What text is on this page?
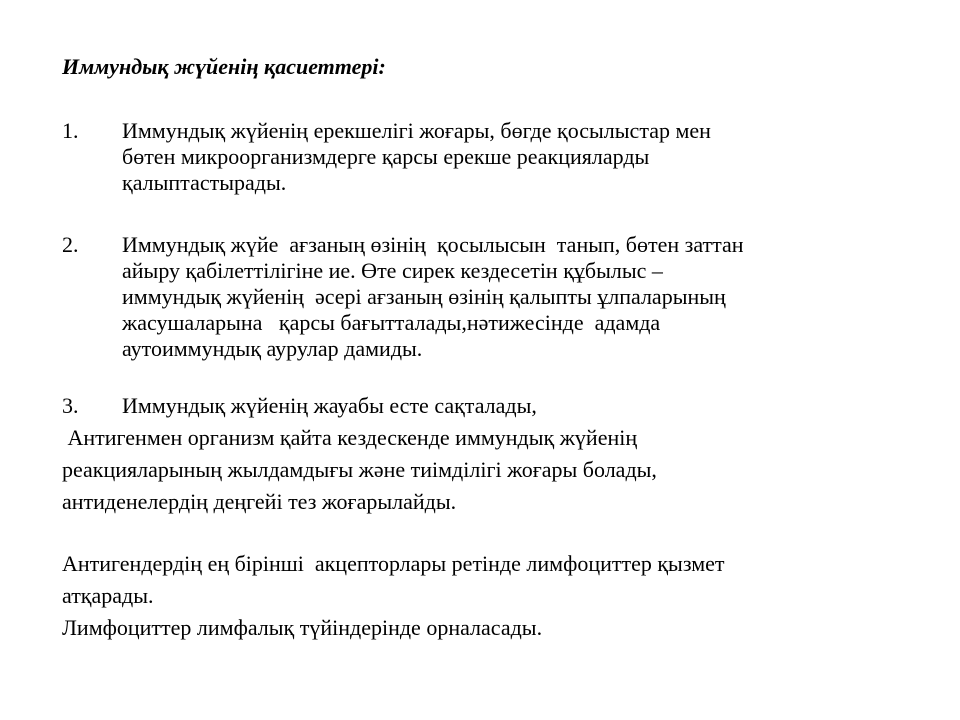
Иммундық жүйенің қасиеттері:
1. Иммундық жүйенің ерекшелігі жоғары, бөгде қосылыстар мен
бөтен микроорганизмдерге қарсы ерекше реакцияларды
қалыптастырады.
2. Иммундық жүйе  ағзаның өзінің  қосылысын  танып, бөтен заттан
айыру қабілеттілігіне ие. Өте сирек кездесетін құбылыс –
иммундық жүйенің  әсері ағзаның өзінің қалыпты ұлпаларының
жасушаларына   қарсы бағытталады,нәтижесінде  адамда
аутоиммундық аурулар дамиды.
3. Иммундық жүйенің жауабы есте сақталады,
Антигенмен организм қайта кездескенде иммундық жүйенің
реакцияларының жылдамдығы және тиімділігі жоғары болады,
антиденелердің деңгейі тез жоғарылайды.
Антигендердің ең бірінші  акцепторлары ретінде лимфоциттер қызмет
атқарады.
Лимфоциттер лимфалық түйіндерінде орналасады.
